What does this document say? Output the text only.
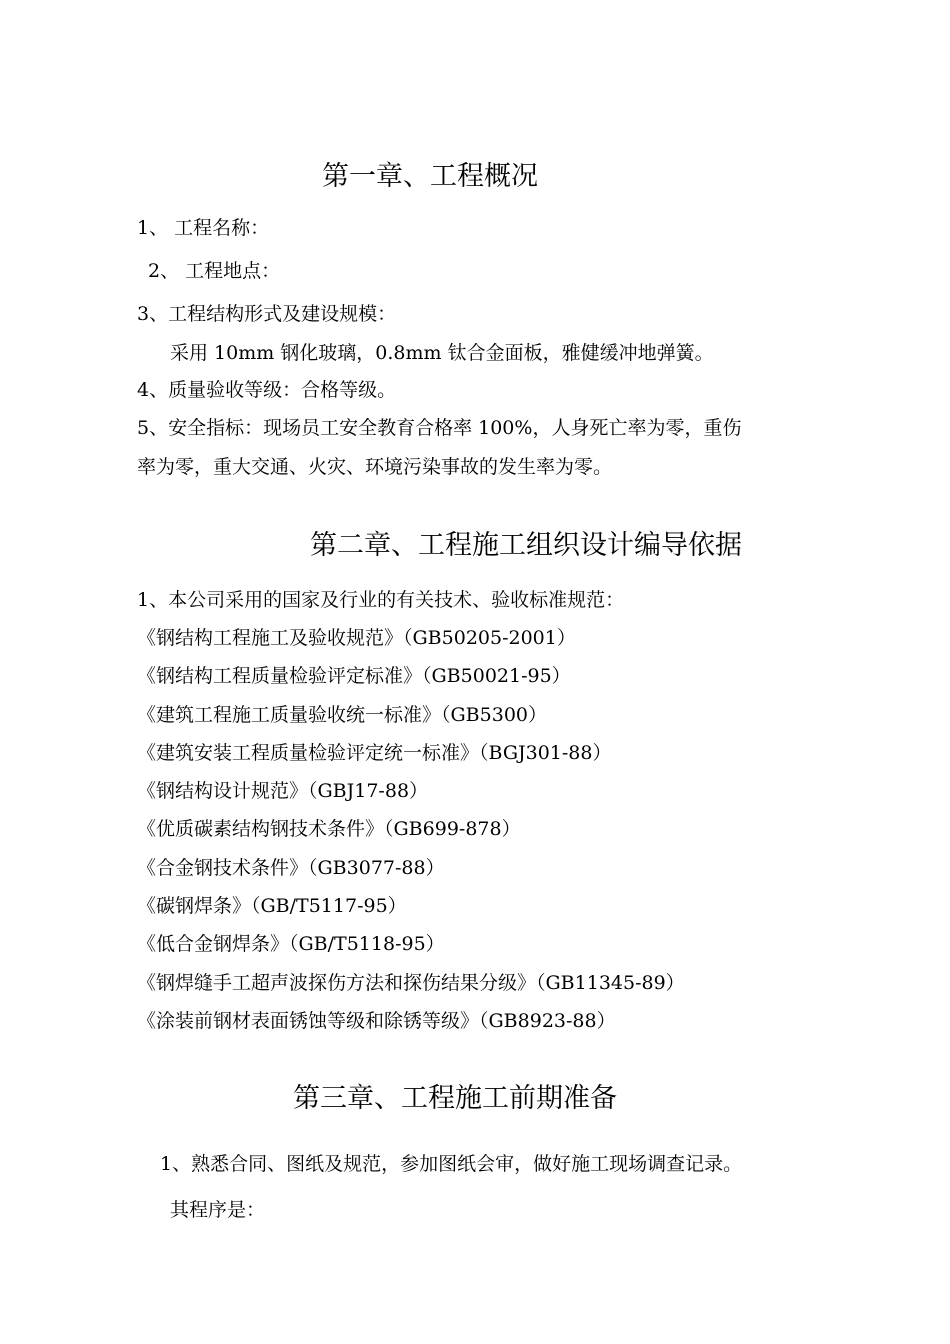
第一章、工程概况
1、 工程名称：
2、 工程地点：
3、工程结构形式及建设规模：
采用 10mm 钢化玻璃，0.8mm 钛合金面板，雅健缓冲地弹簧。
4、质量验收等级：合格等级。
5、安全指标：现场员工安全教育合格率 100%，人身死亡率为零，重伤
率为零，重大交通、火灾、环境污染事故的发生率为零。
第二章、工程施工组织设计编导依据
1、本公司采用的国家及行业的有关技术、验收标准规范：
《钢结构工程施工及验收规范》（GB50205-2001）
《钢结构工程质量检验评定标准》（GB50021-95）
《建筑工程施工质量验收统一标准》（GB5300）
《建筑安装工程质量检验评定统一标准》（BGJ301-88）
《钢结构设计规范》（GBJ17-88）
《优质碳素结构钢技术条件》（GB699-878）
《合金钢技术条件》（GB3077-88）
《碳钢焊条》（GB/T5117-95）
《低合金钢焊条》（GB/T5118-95）
《钢焊缝手工超声波探伤方法和探伤结果分级》（GB11345-89）
《涂装前钢材表面锈蚀等级和除锈等级》（GB8923-88）
第三章、工程施工前期准备
1、熟悉合同、图纸及规范，参加图纸会审，做好施工现场调查记录。
其程序是：
